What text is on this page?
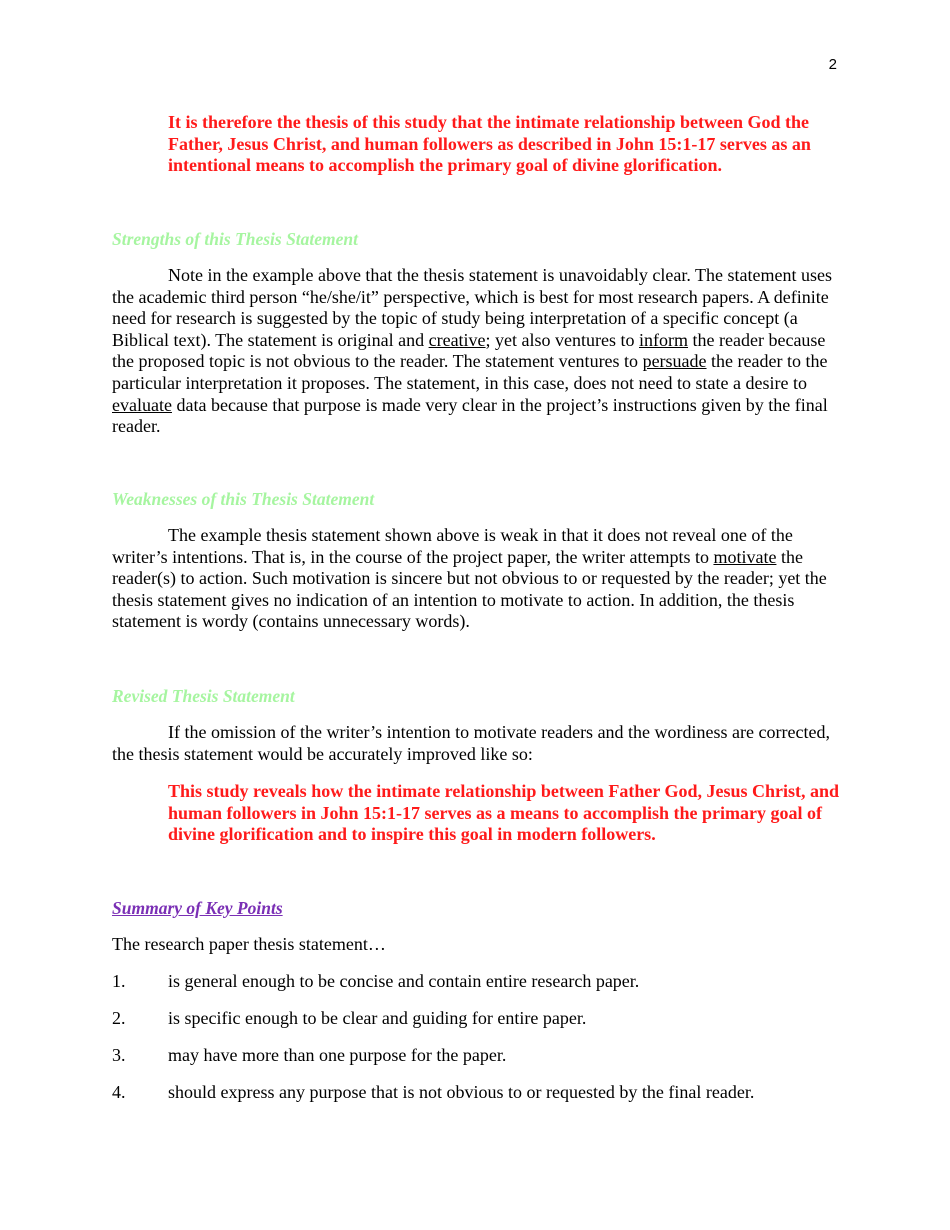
2
It is therefore the thesis of this study that the intimate relationship between God the Father, Jesus Christ, and human followers as described in John 15:1-17 serves as an intentional means to accomplish the primary goal of divine glorification.
Strengths of this Thesis Statement
Note in the example above that the thesis statement is unavoidably clear. The statement uses the academic third person “he/she/it” perspective, which is best for most research papers. A definite need for research is suggested by the topic of study being interpretation of a specific concept (a Biblical text). The statement is original and creative; yet also ventures to inform the reader because the proposed topic is not obvious to the reader. The statement ventures to persuade the reader to the particular interpretation it proposes. The statement, in this case, does not need to state a desire to evaluate data because that purpose is made very clear in the project’s instructions given by the final reader.
Weaknesses of this Thesis Statement
The example thesis statement shown above is weak in that it does not reveal one of the writer’s intentions. That is, in the course of the project paper, the writer attempts to motivate the reader(s) to action. Such motivation is sincere but not obvious to or requested by the reader; yet the thesis statement gives no indication of an intention to motivate to action. In addition, the thesis statement is wordy (contains unnecessary words).
Revised Thesis Statement
If the omission of the writer’s intention to motivate readers and the wordiness are corrected, the thesis statement would be accurately improved like so:
This study reveals how the intimate relationship between Father God, Jesus Christ, and human followers in John 15:1-17 serves as a means to accomplish the primary goal of divine glorification and to inspire this goal in modern followers.
Summary of Key Points
The research paper thesis statement…
1. is general enough to be concise and contain entire research paper.
2. is specific enough to be clear and guiding for entire paper.
3. may have more than one purpose for the paper.
4. should express any purpose that is not obvious to or requested by the final reader.
